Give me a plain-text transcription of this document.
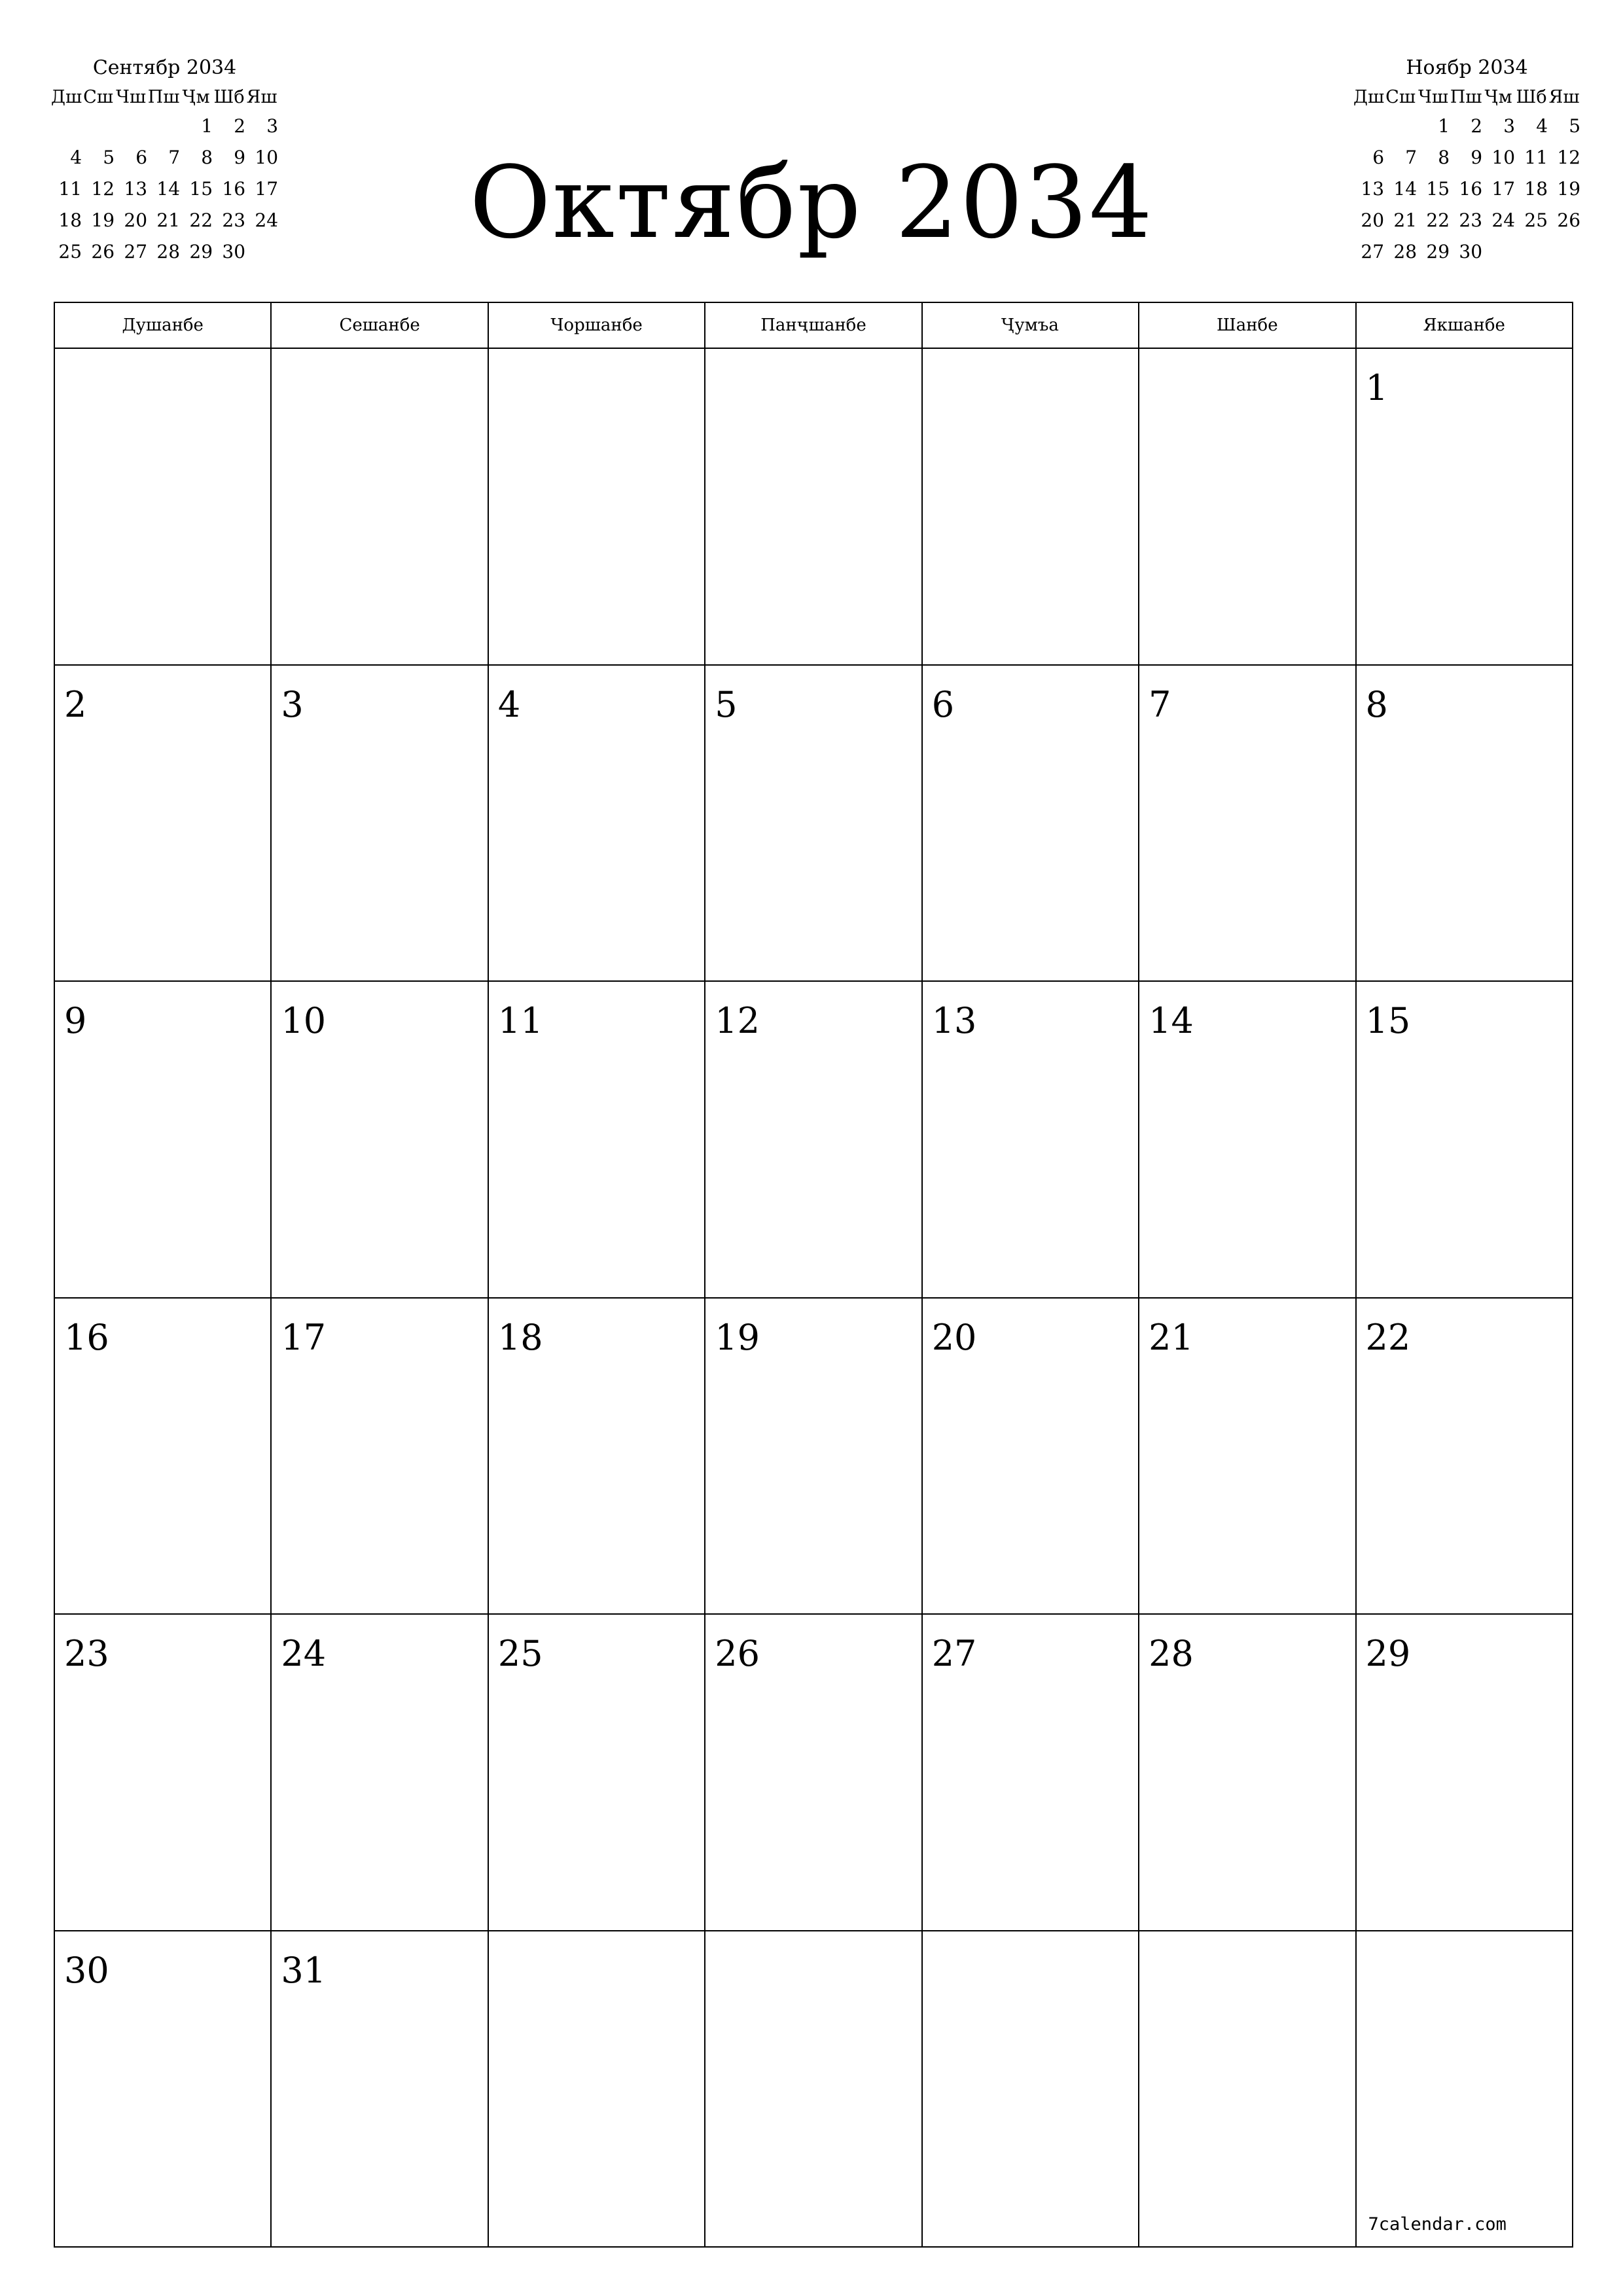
Октябр 2034
Сентябр 2034
Дш	Сш	Чш	Пш	Ҷм	Шб	Яш
				1	2	3
4	5	6	7	8	9	10
11	12	13	14	15	16	17
18	19	20	21	22	23	24
25	26	27	28	29	30	
Ноябр 2034
Дш	Сш	Чш	Пш	Ҷм	Шб	Яш
		1	2	3	4	5
6	7	8	9	10	11	12
13	14	15	16	17	18	19
20	21	22	23	24	25	26
27	28	29	30			
Душанбе	Сешанбе	Чоршанбе	Панҷшанбе	Ҷумъа	Шанбе	Якшанбе

						1

2	3	4	5	6	7	8

9	10	11	12	13	14	15

16	17	18	19	20	21	22

23	24	25	26	27	28	29

30	31					7calendar.com
